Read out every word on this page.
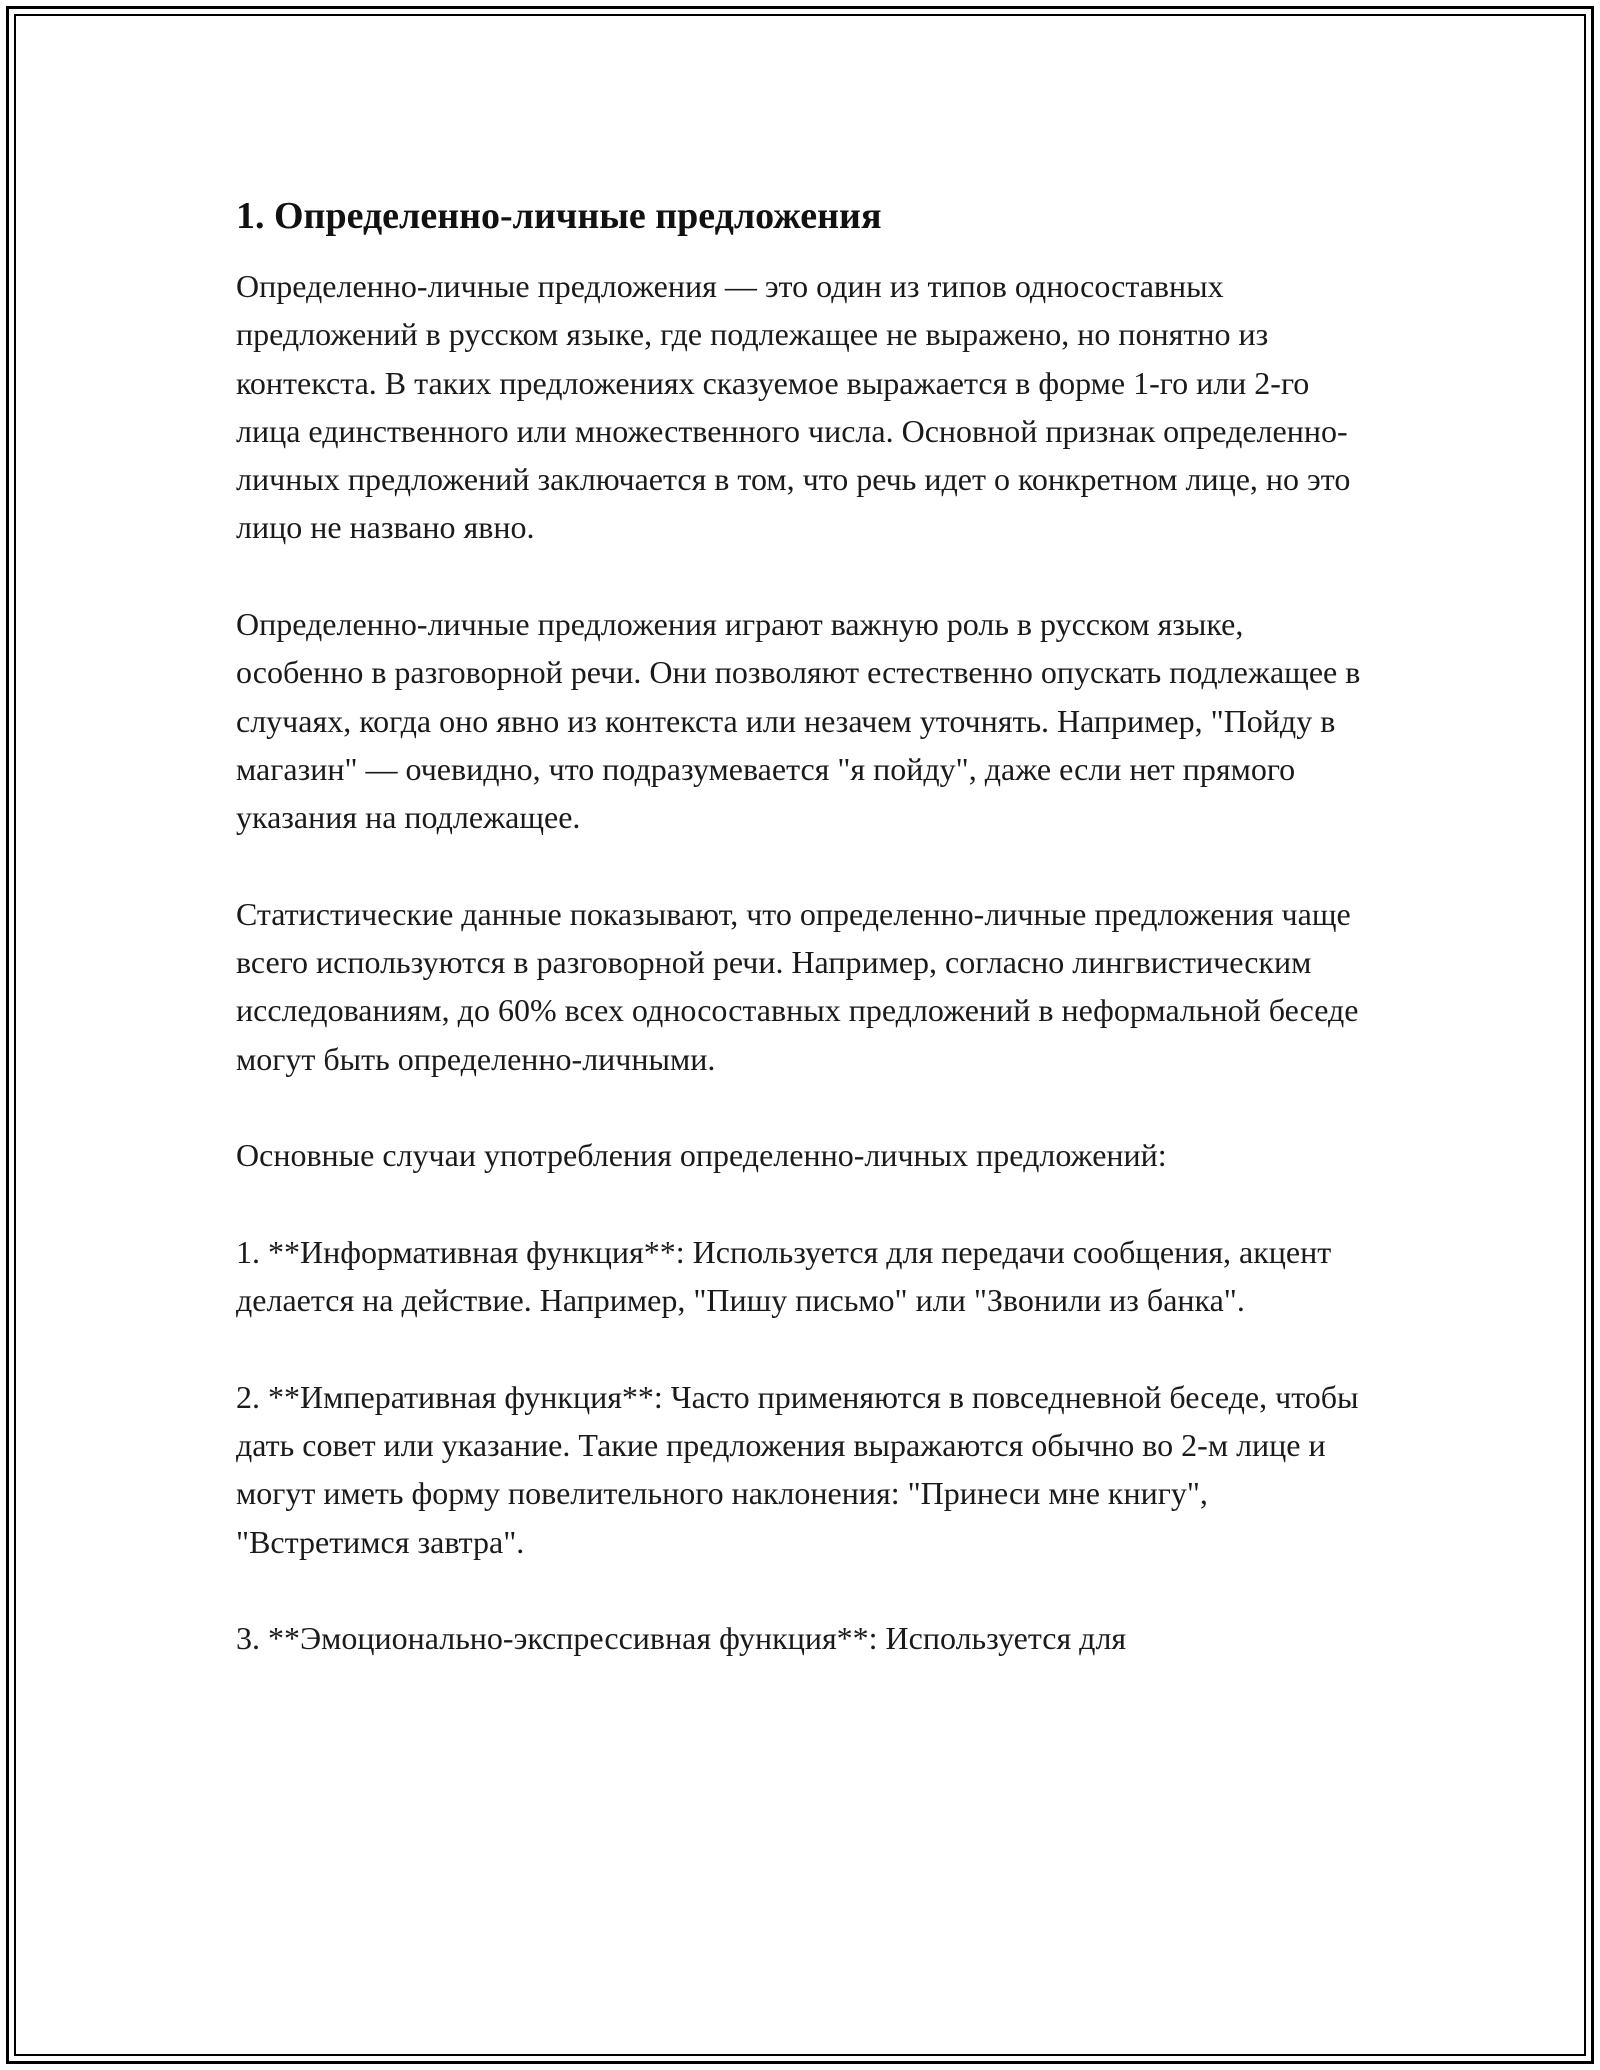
1. Определенно-личные предложения

Определенно-личные предложения — это один из типов односоставных предложений в русском языке, где подлежащее не выражено, но понятно из контекста. В таких предложениях сказуемое выражается в форме 1-го или 2-го лица единственного или множественного числа. Основной признак определенно-личных предложений заключается в том, что речь идет о конкретном лице, но это лицо не названо явно.

Определенно-личные предложения играют важную роль в русском языке, особенно в разговорной речи. Они позволяют естественно опускать подлежащее в случаях, когда оно явно из контекста или незачем уточнять. Например, "Пойду в магазин" — очевидно, что подразумевается "я пойду", даже если нет прямого указания на подлежащее.

Статистические данные показывают, что определенно-личные предложения чаще всего используются в разговорной речи. Например, согласно лингвистическим исследованиям, до 60% всех односоставных предложений в неформальной беседе могут быть определенно-личными.

Основные случаи употребления определенно-личных предложений:

1. **Информативная функция**: Используется для передачи сообщения, акцент делается на действие. Например, "Пишу письмо" или "Звонили из банка".

2. **Императивная функция**: Часто применяются в повседневной беседе, чтобы дать совет или указание. Такие предложения выражаются обычно во 2-м лице и могут иметь форму повелительного наклонения: "Принеси мне книгу", "Встретимся завтра".

3. **Эмоционально-экспрессивная функция**: Используется для
